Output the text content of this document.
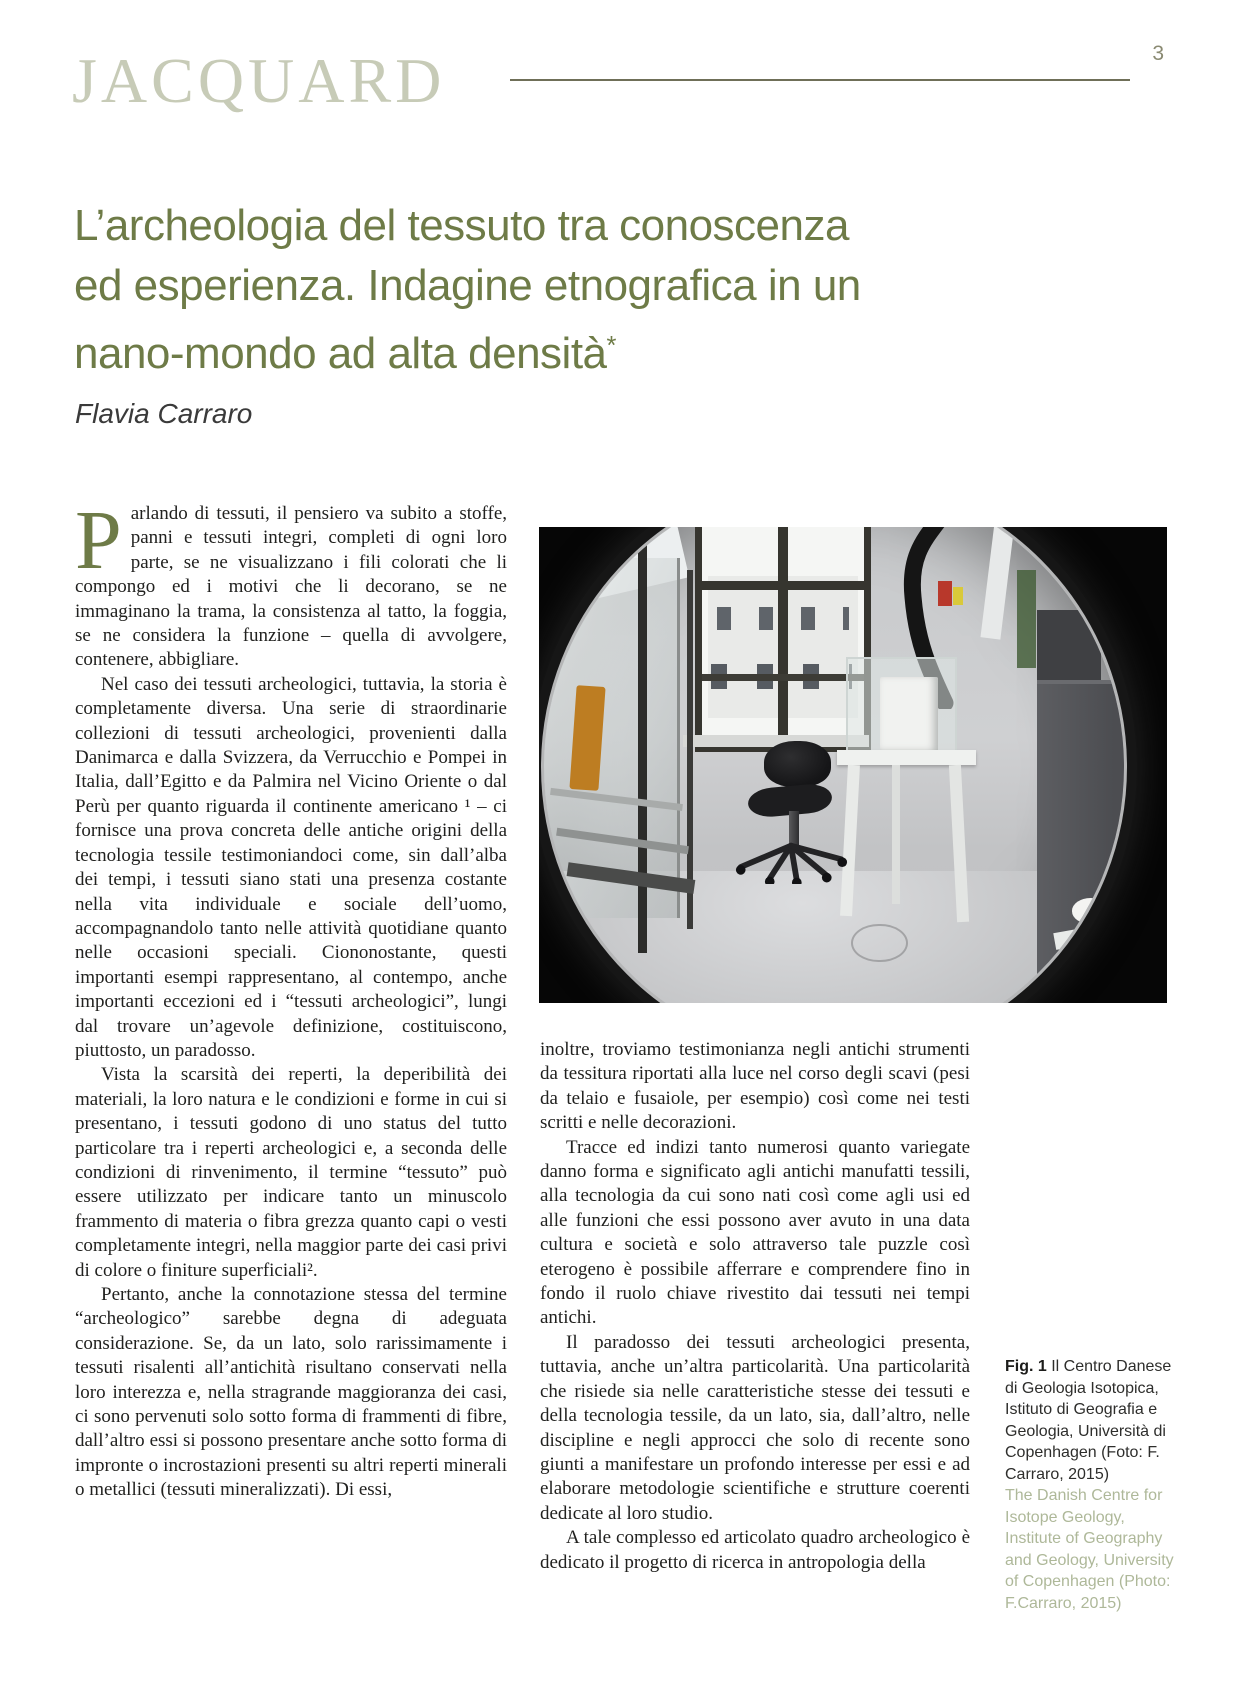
JACQUARD	3
L’archeologia del tessuto tra conoscenza
ed esperienza. Indagine etnografica in un
nano-mondo ad alta densità*
Flavia Carraro

Parlando di tessuti, il pensiero va subito a stoffe, panni e tessuti integri, completi di ogni loro parte, se ne visualizzano i fili colorati che li compongo ed i motivi che li decorano, se ne immaginano la trama, la consistenza al tatto, la foggia, se ne considera la funzione – quella di avvolgere, contenere, abbigliare.

Nel caso dei tessuti archeologici, tuttavia, la storia è completamente diversa. Una serie di straordinarie collezioni di tessuti archeologici, provenienti dalla Danimarca e dalla Svizzera, da Verrucchio e Pompei in Italia, dall’Egitto e da Palmira nel Vicino Oriente o dal Perù per quanto riguarda il continente americano ¹ – ci fornisce una prova concreta delle antiche origini della tecnologia tessile testimoniandoci come, sin dall’alba dei tempi, i tessuti siano stati una presenza costante nella vita individuale e sociale dell’uomo, accompagnandolo tanto nelle attività quotidiane quanto nelle occasioni speciali. Ciononostante, questi importanti esempi rappresentano, al contempo, anche importanti eccezioni ed i “tessuti archeologici”, lungi dal trovare un’agevole definizione, costituiscono, piuttosto, un paradosso.

Vista la scarsità dei reperti, la deperibilità dei materiali, la loro natura e le condizioni e forme in cui si presentano, i tessuti godono di uno status del tutto particolare tra i reperti archeologici e, a seconda delle condizioni di rinvenimento, il termine “tessuto” può essere utilizzato per indicare tanto un minuscolo frammento di materia o fibra grezza quanto capi o vesti completamente integri, nella maggior parte dei casi privi di colore o finiture superficiali².

Pertanto, anche la connotazione stessa del termine “archeologico” sarebbe degna di adeguata considerazione. Se, da un lato, solo rarissimamente i tessuti risalenti all’antichità risultano conservati nella loro interezza e, nella stragrande maggioranza dei casi, ci sono pervenuti solo sotto forma di frammenti di fibre, dall’altro essi si possono presentare anche sotto forma di impronte o incrostazioni presenti su altri reperti minerali o metallici (tessuti mineralizzati). Di essi,

inoltre, troviamo testimonianza negli antichi strumenti da tessitura riportati alla luce nel corso degli scavi (pesi da telaio e fusaiole, per esempio) così come nei testi scritti e nelle decorazioni.

Tracce ed indizi tanto numerosi quanto variegate danno forma e significato agli antichi manufatti tessili, alla tecnologia da cui sono nati così come agli usi ed alle funzioni che essi possono aver avuto in una data cultura e società e solo attraverso tale puzzle così eterogeno è possibile afferrare e comprendere fino in fondo il ruolo chiave rivestito dai tessuti nei tempi antichi.

Il paradosso dei tessuti archeologici presenta, tuttavia, anche un’altra particolarità. Una particolarità che risiede sia nelle caratteristiche stesse dei tessuti e della tecnologia tessile, da un lato, sia, dall’altro, nelle discipline e negli approcci che solo di recente sono giunti a manifestare un profondo interesse per essi e ad elaborare metodologie scientifiche e strutture coerenti dedicate al loro studio.

A tale complesso ed articolato quadro archeologico è dedicato il progetto di ricerca in antropologia della

Fig. 1 Il Centro Danese di Geologia Isotopica, Istituto di Geografia e Geologia, Università di Copenhagen (Foto: F. Carraro, 2015)

The Danish Centre for Isotope Geology, Institute of Geography and Geology, University of Copenhagen (Photo: F.Carraro, 2015)
